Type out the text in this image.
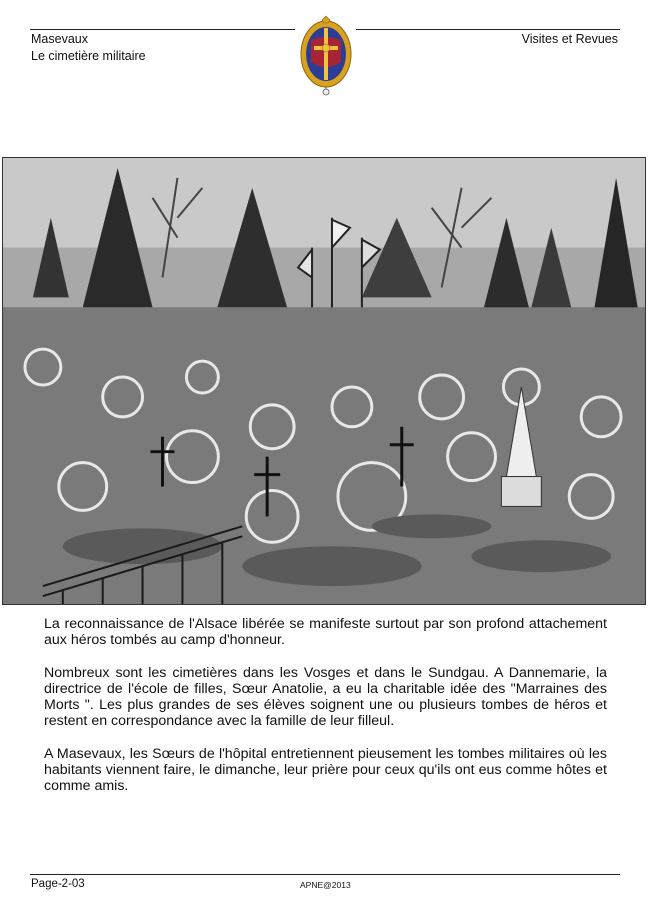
Masevaux
Le cimetière militaire
Visites et Revues

La reconnaissance de l'Alsace libérée se manifeste surtout par son profond attachement aux héros tombés au camp d'honneur.

Nombreux sont les cimetières dans les Vosges et dans le Sundgau. A Dannemarie, la directrice de l'école de filles, Sœur Anatolie, a eu la charitable idée des "Marraines des Morts ". Les plus grandes de ses élèves soignent une ou plusieurs tombes de héros et restent en correspondance avec la famille de leur filleul.

A Masevaux, les Sœurs de l'hôpital entretiennent pieusement les tombes militaires où les habitants viennent faire, le dimanche, leur prière pour ceux qu'ils ont eus comme hôtes et comme amis.

Page-2-03	APNE@2013
